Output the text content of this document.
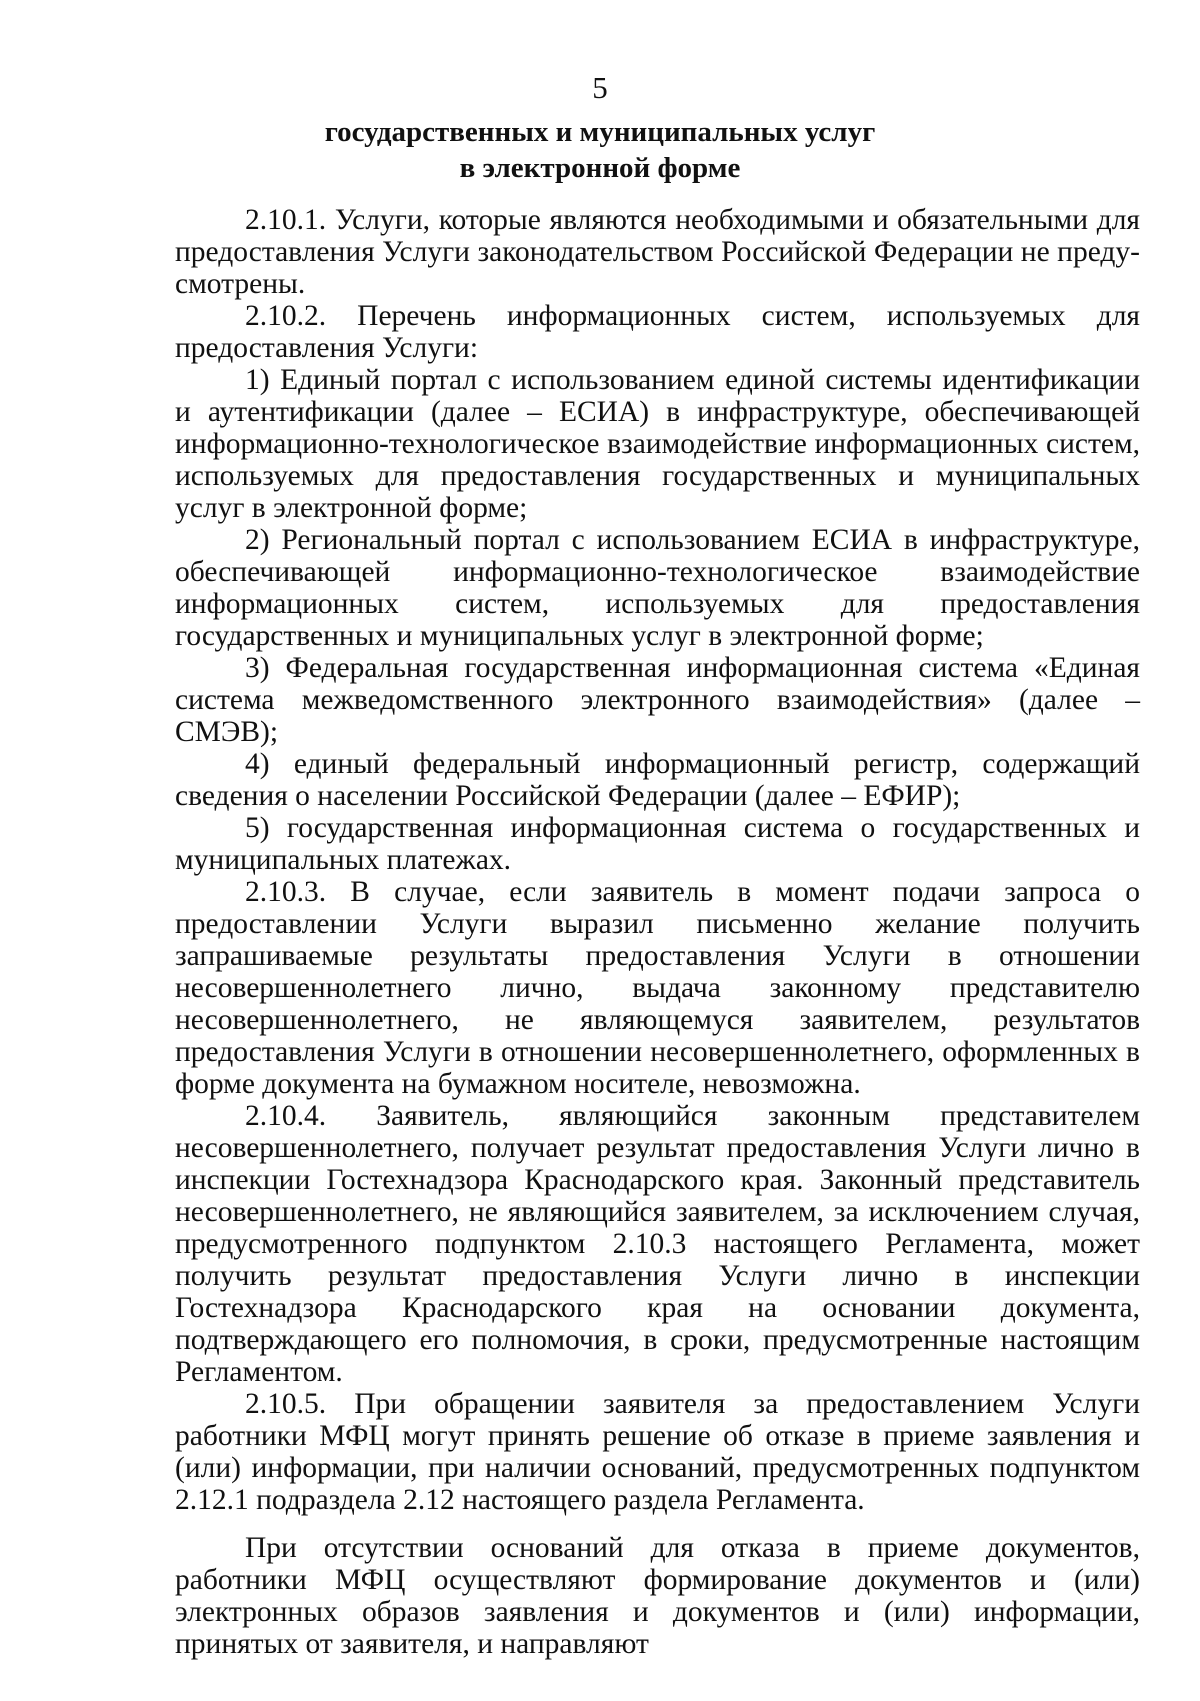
5
государственных и муниципальных услуг
в электронной форме

2.10.1. Услуги, которые являются необходимыми и обязательными для предоставления Услуги законодательством Российской Федерации не предусмотрены.

2.10.2. Перечень информационных систем, используемых для предоставления Услуги:

1) Единый портал с использованием единой системы идентификации и аутентификации (далее – ЕСИА) в инфраструктуре, обеспечивающей информационно-технологическое взаимодействие информационных систем, используемых для предоставления государственных и муниципальных услуг в электронной форме;

2) Региональный портал с использованием ЕСИА в инфраструктуре, обеспечивающей информационно-технологическое взаимодействие информационных систем, используемых для предоставления государственных и муниципальных услуг в электронной форме;

3) Федеральная государственная информационная система «Единая система межведомственного электронного взаимодействия» (далее – СМЭВ);

4) единый федеральный информационный регистр, содержащий сведения о населении Российской Федерации (далее – ЕФИР);

5) государственная информационная система о государственных и муниципальных платежах.

2.10.3. В случае, если заявитель в момент подачи запроса о предоставлении Услуги выразил письменно желание получить запрашиваемые результаты предоставления Услуги в отношении несовершеннолетнего лично, выдача законному представителю несовершеннолетнего, не являющемуся заявителем, результатов предоставления Услуги в отношении несовершеннолетнего, оформленных в форме документа на бумажном носителе, невозможна.

2.10.4. Заявитель, являющийся законным представителем несовершеннолетнего, получает результат предоставления Услуги лично в инспекции Гостехнадзора Краснодарского края. Законный представитель несовершеннолетнего, не являющийся заявителем, за исключением случая, предусмотренного подпунктом 2.10.3 настоящего Регламента, может получить результат предоставления Услуги лично в инспекции Гостехнадзора Краснодарского края на основании документа, подтверждающего его полномочия, в сроки, предусмотренные настоящим Регламентом.

2.10.5. При обращении заявителя за предоставлением Услуги работники МФЦ могут принять решение об отказе в приеме заявления и (или) информации, при наличии оснований, предусмотренных подпунктом 2.12.1 подраздела 2.12 настоящего раздела Регламента.

При отсутствии оснований для отказа в приеме документов, работники МФЦ осуществляют формирование документов и (или) электронных образов заявления и документов и (или) информации, принятых от заявителя, и направляют
